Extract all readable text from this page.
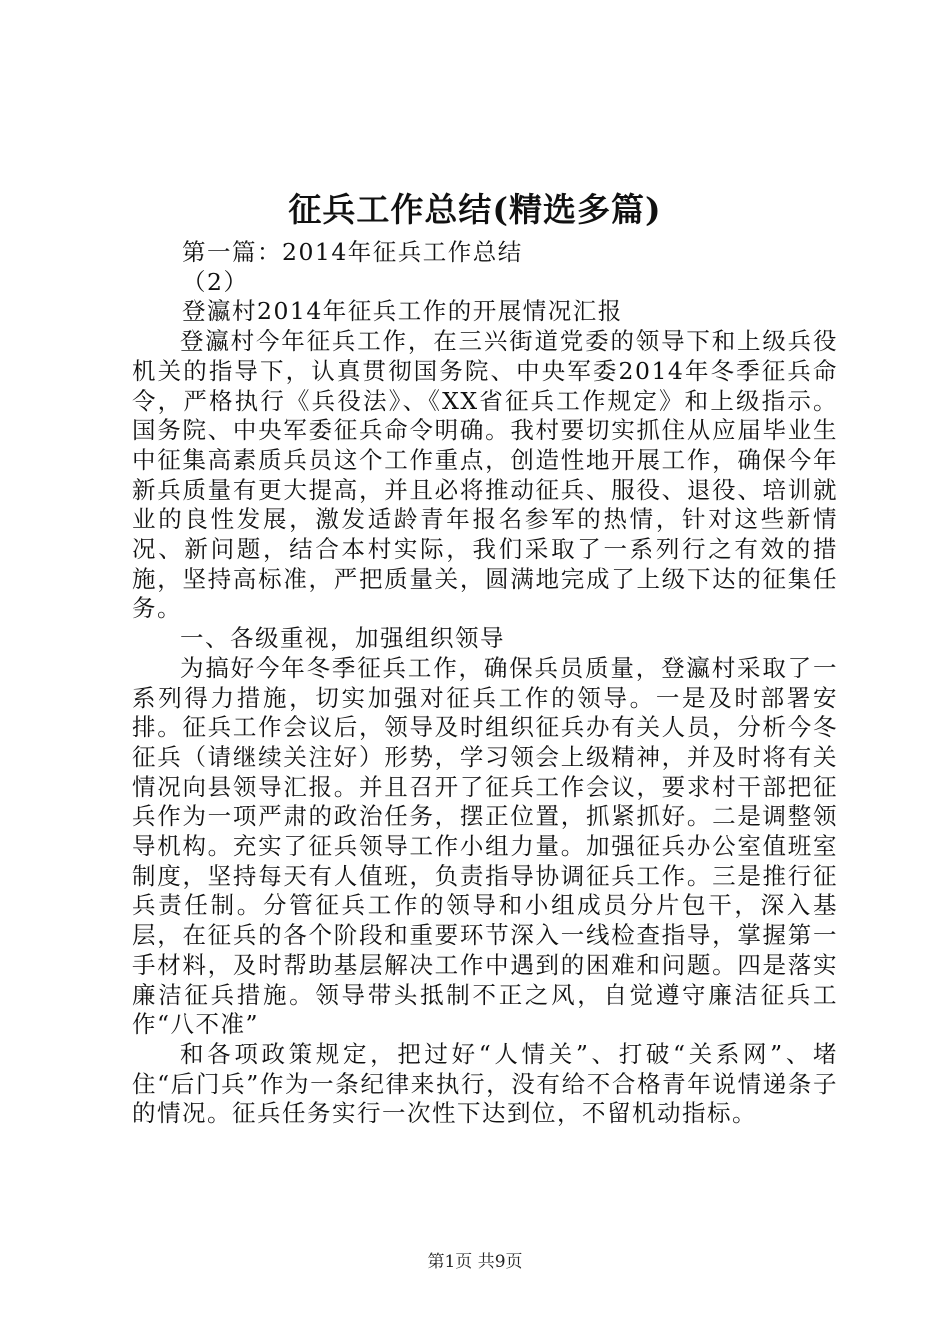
征兵工作总结(精选多篇)

第一篇：2014年征兵工作总结

（2）

登瀛村2014年征兵工作的开展情况汇报

登瀛村今年征兵工作，在三兴街道党委的领导下和上级兵役机关的指导下，认真贯彻国务院、中央军委2014年冬季征兵命令，严格执行《兵役法》、《XX省征兵工作规定》和上级指示。国务院、中央军委征兵命令明确。我村要切实抓住从应届毕业生中征集高素质兵员这个工作重点，创造性地开展工作，确保今年新兵质量有更大提高，并且必将推动征兵、服役、退役、培训就业的良性发展，激发适龄青年报名参军的热情，针对这些新情况、新问题，结合本村实际，我们采取了一系列行之有效的措施，坚持高标准，严把质量关，圆满地完成了上级下达的征集任务。

一、各级重视，加强组织领导

为搞好今年冬季征兵工作，确保兵员质量，登瀛村采取了一系列得力措施，切实加强对征兵工作的领导。一是及时部署安排。征兵工作会议后，领导及时组织征兵办有关人员，分析今冬征兵（请继续关注好）形势，学习领会上级精神，并及时将有关情况向县领导汇报。并且召开了征兵工作会议，要求村干部把征兵作为一项严肃的政治任务，摆正位置，抓紧抓好。二是调整领导机构。充实了征兵领导工作小组力量。加强征兵办公室值班室制度，坚持每天有人值班，负责指导协调征兵工作。三是推行征兵责任制。分管征兵工作的领导和小组成员分片包干，深入基层，在征兵的各个阶段和重要环节深入一线检查指导，掌握第一手材料，及时帮助基层解决工作中遇到的困难和问题。四是落实廉洁征兵措施。领导带头抵制不正之风，自觉遵守廉洁征兵工作“八不准”

和各项政策规定，把过好“人情关”、打破“关系网”、堵住“后门兵”作为一条纪律来执行，没有给不合格青年说情递条子的情况。征兵任务实行一次性下达到位，不留机动指标。

第1页 共9页
